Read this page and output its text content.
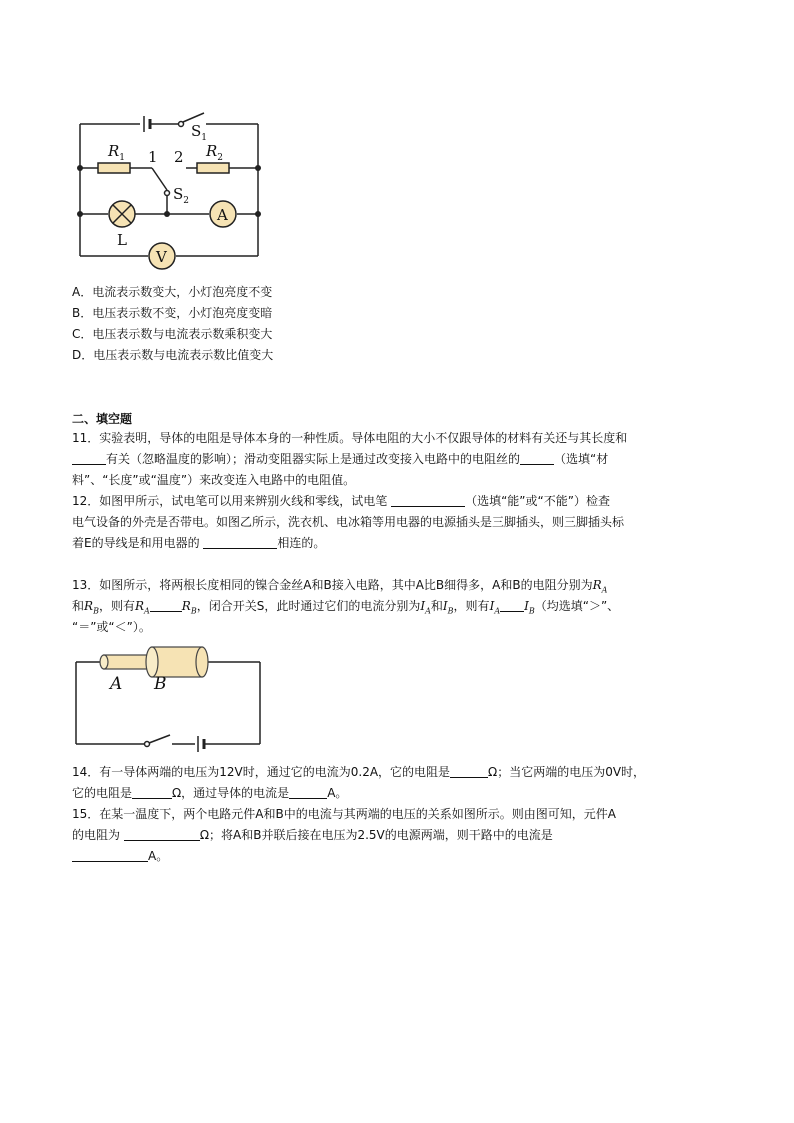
$S_1$
$R_1$	$R_2$
1 2
$S_2$
A
L
V
A．电流表示数变大，小灯泡亮度不变
B．电压表示数不变，小灯泡亮度变暗
C．电压表示数与电流表示数乘积变大
D．电压表示数与电流表示数比值变大
二、填空题
11．实验表明，导体的电阻是导体本身的一种性质。导体电阻的大小不仅跟导体的材料有关还与其长度和
有关（忽略温度的影响）；滑动变阻器实际上是通过改变接入电路中的电阻丝的	（选填“材
料”、“长度”或“温度”）来改变连入电路中的电阻值。
12．如图甲所示，试电笔可以用来辨别火线和零线，试电笔	（选填“能”或“不能”）检查
电气设备的外壳是否带电。如图乙所示，洗衣机、电冰箱等用电器的电源插头是三脚插头，则三脚插头标
着E的导线是和用电器的	相连的。
13．如图所示，将两根长度相同的镍合金丝A和B接入电路，其中A比B细得多，A和B的电阻分别为$R_A$
和$R_B$，则有$R_A$	$R_B$，闭合开关S，此时通过它们的电流分别为$I_A$和$I_B$，则有$I_A$ $I_B$（均选填“＞”、
“＝”或“＜”）。
A B
14．有一导体两端的电压为12V时，通过它的电流为0.2A，它的电阻是	Ω；当它两端的电压为0V时，
它的电阻是	Ω，通过导体的电流是	A。
15．在某一温度下，两个电路元件A和B中的电流与其两端的电压的关系如图所示。则由图可知，元件A
的电阻为	Ω；将A和B并联后接在电压为2.5V的电源两端，则干路中的电流是
A。
